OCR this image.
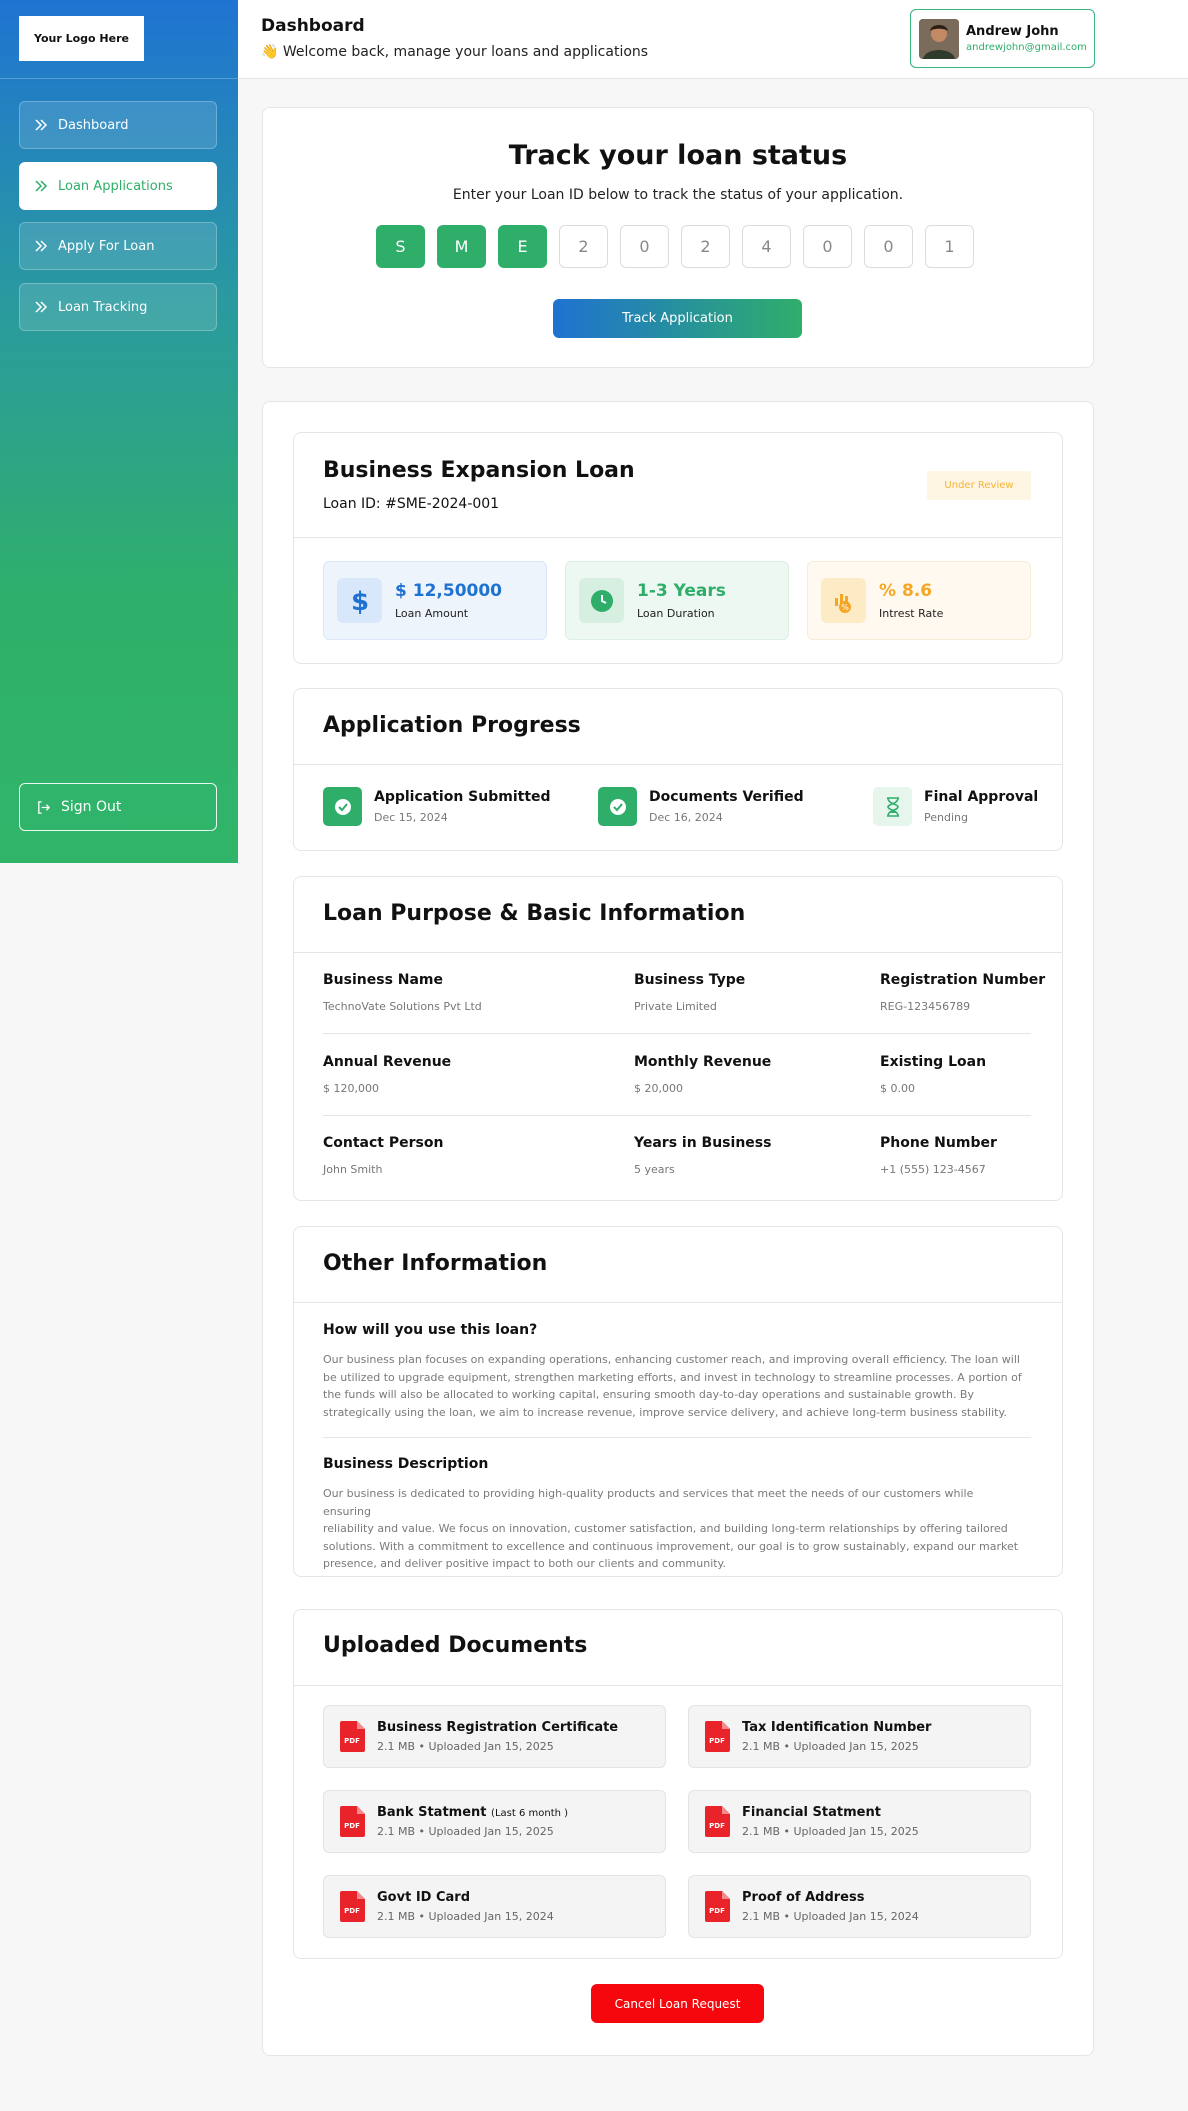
Your Logo Here
Dashboard
Loan Applications
Apply For Loan
Loan Tracking
Sign Out
Dashboard
👋 Welcome back, manage your loans and applications
Andrew John
andrewjohn@gmail.com
Track your loan status
Enter your Loan ID below to track the status of your application.
S	M	E	2	0	2	4	0	0	1
Track Application
Business Expansion Loan
Loan ID: #SME-2024-001
Under Review
$ $ 12,50000
Loan Amount
1-3 Years
Loan Duration	%
% 8.6
Intrest Rate
Application Progress
Application Submitted
Dec 15, 2024
Documents Verified
Dec 16, 2024
Final Approval
Pending
Loan Purpose & Basic Information
Business Name
TechnoVate Solutions Pvt Ltd
Business Type
Private Limited
Registration Number
REG-123456789
Annual Revenue
$ 120,000
Monthly Revenue
$ 20,000
Existing Loan
$ 0.00
Contact Person
John Smith
Years in Business
5 years
Phone Number
+1 (555) 123-4567
Other Information
How will you use this loan?
Our business plan focuses on expanding operations, enhancing customer reach, and improving overall efficiency. The loan will
be utilized to upgrade equipment, strengthen marketing efforts, and invest in technology to streamline processes. A portion of
the funds will also be allocated to working capital, ensuring smooth day-to-day operations and sustainable growth. By
strategically using the loan, we aim to increase revenue, improve service delivery, and achieve long-term business stability.
Business Description
Our business is dedicated to providing high-quality products and services that meet the needs of our customers while ensuring
reliability and value. We focus on innovation, customer satisfaction, and building long-term relationships by offering tailored
solutions. With a commitment to excellence and continuous improvement, our goal is to grow sustainably, expand our market
presence, and deliver positive impact to both our clients and community.
Uploaded Documents
PDF
Business Registration Certificate
2.1 MB • Uploaded Jan 15, 2025	PDF
Tax Identification Number
2.1 MB • Uploaded Jan 15, 2025
PDF
Bank Statment (Last 6 month )
2.1 MB • Uploaded Jan 15, 2025	PDF
Financial Statment
2.1 MB • Uploaded Jan 15, 2025
PDF
Govt ID Card
2.1 MB • Uploaded Jan 15, 2024	PDF
Proof of Address
2.1 MB • Uploaded Jan 15, 2024
Cancel Loan Request
